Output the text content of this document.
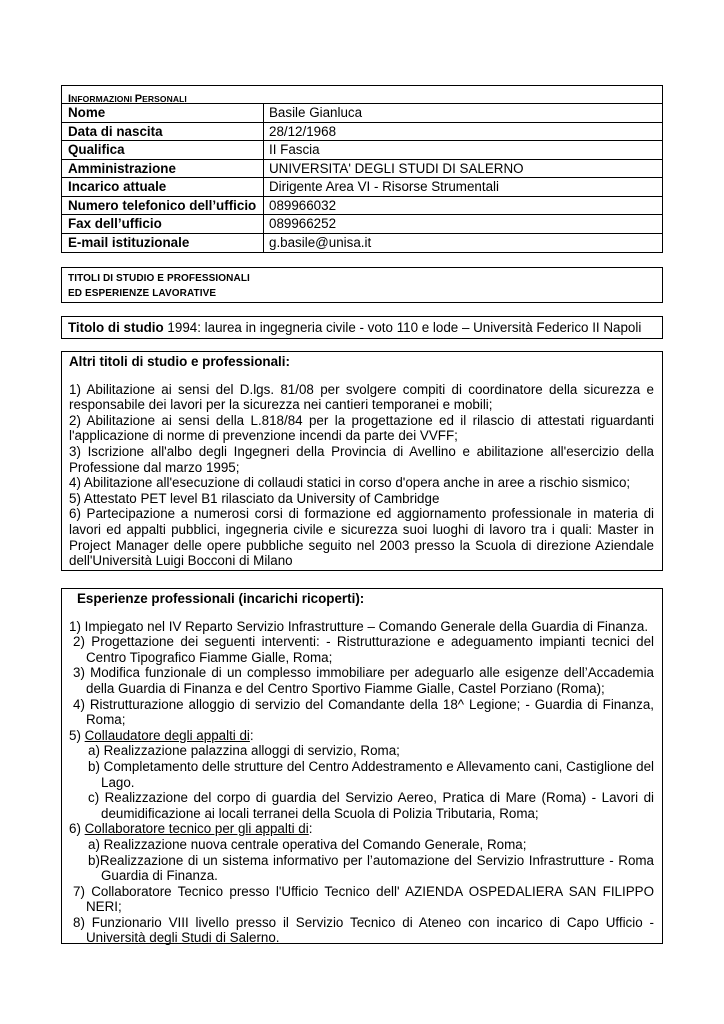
INFORMAZIONI PERSONALI
Nome	Basile Gianluca
Data di nascita	28/12/1968
Qualifica	II Fascia
Amministrazione	UNIVERSITA' DEGLI STUDI DI SALERNO
Incarico attuale	Dirigente Area VI - Risorse Strumentali
Numero telefonico dell’ufficio 089966032
Fax dell’ufficio	089966252
E-mail istituzionale	g.basile@unisa.it
TITOLI DI STUDIO E PROFESSIONALI
ED ESPERIENZE LAVORATIVE
Titolo di studio 1994: laurea in ingegneria civile - voto 110 e lode – Università Federico II Napoli

Altri titoli di studio e professionali:

1) Abilitazione ai sensi del D.lgs. 81/08 per svolgere compiti di coordinatore della sicurezza e responsabile dei lavori per la sicurezza nei cantieri temporanei e mobili;

2) Abilitazione ai sensi della L.818/84 per la progettazione ed il rilascio di attestati riguardanti l'applicazione di norme di prevenzione incendi da parte dei VVFF;

3) Iscrizione all'albo degli Ingegneri della Provincia di Avellino e abilitazione all'esercizio della Professione dal marzo 1995;

4) Abilitazione all'esecuzione di collaudi statici in corso d'opera anche in aree a rischio sismico;

5) Attestato PET level B1 rilasciato da University of Cambridge

6) Partecipazione a numerosi corsi di formazione ed aggiornamento professionale in materia di lavori ed appalti pubblici, ingegneria civile e sicurezza suoi luoghi di lavoro tra i quali: Master in Project Manager delle opere pubbliche seguito nel 2003 presso la Scuola di direzione Aziendale dell'Università Luigi Bocconi di Milano

Esperienze professionali (incarichi ricoperti):

1) Impiegato nel IV Reparto Servizio Infrastrutture – Comando Generale della Guardia di Finanza.

2) Progettazione dei seguenti interventi: - Ristrutturazione e adeguamento impianti tecnici del Centro Tipografico Fiamme Gialle, Roma;

3) Modifica funzionale di un complesso immobiliare per adeguarlo alle esigenze dell’Accademia della Guardia di Finanza e del Centro Sportivo Fiamme Gialle, Castel Porziano (Roma);

4) Ristrutturazione alloggio di servizio del Comandante della 18^ Legione; - Guardia di Finanza, Roma;

5) Collaudatore degli appalti di:

a) Realizzazione palazzina alloggi di servizio, Roma;

b) Completamento delle strutture del Centro Addestramento e Allevamento cani, Castiglione del Lago.

c) Realizzazione del corpo di guardia del Servizio Aereo, Pratica di Mare (Roma) - Lavori di deumidificazione ai locali terranei della Scuola di Polizia Tributaria, Roma;

6) Collaboratore tecnico per gli appalti di:

a) Realizzazione nuova centrale operativa del Comando Generale, Roma;

b)Realizzazione di un sistema informativo per l’automazione del Servizio Infrastrutture - Roma Guardia di Finanza.

7) Collaboratore Tecnico presso l'Ufficio Tecnico dell' AZIENDA OSPEDALIERA SAN FILIPPO NERI;

8) Funzionario VIII livello presso il Servizio Tecnico di Ateneo con incarico di Capo Ufficio - Università degli Studi di Salerno.
